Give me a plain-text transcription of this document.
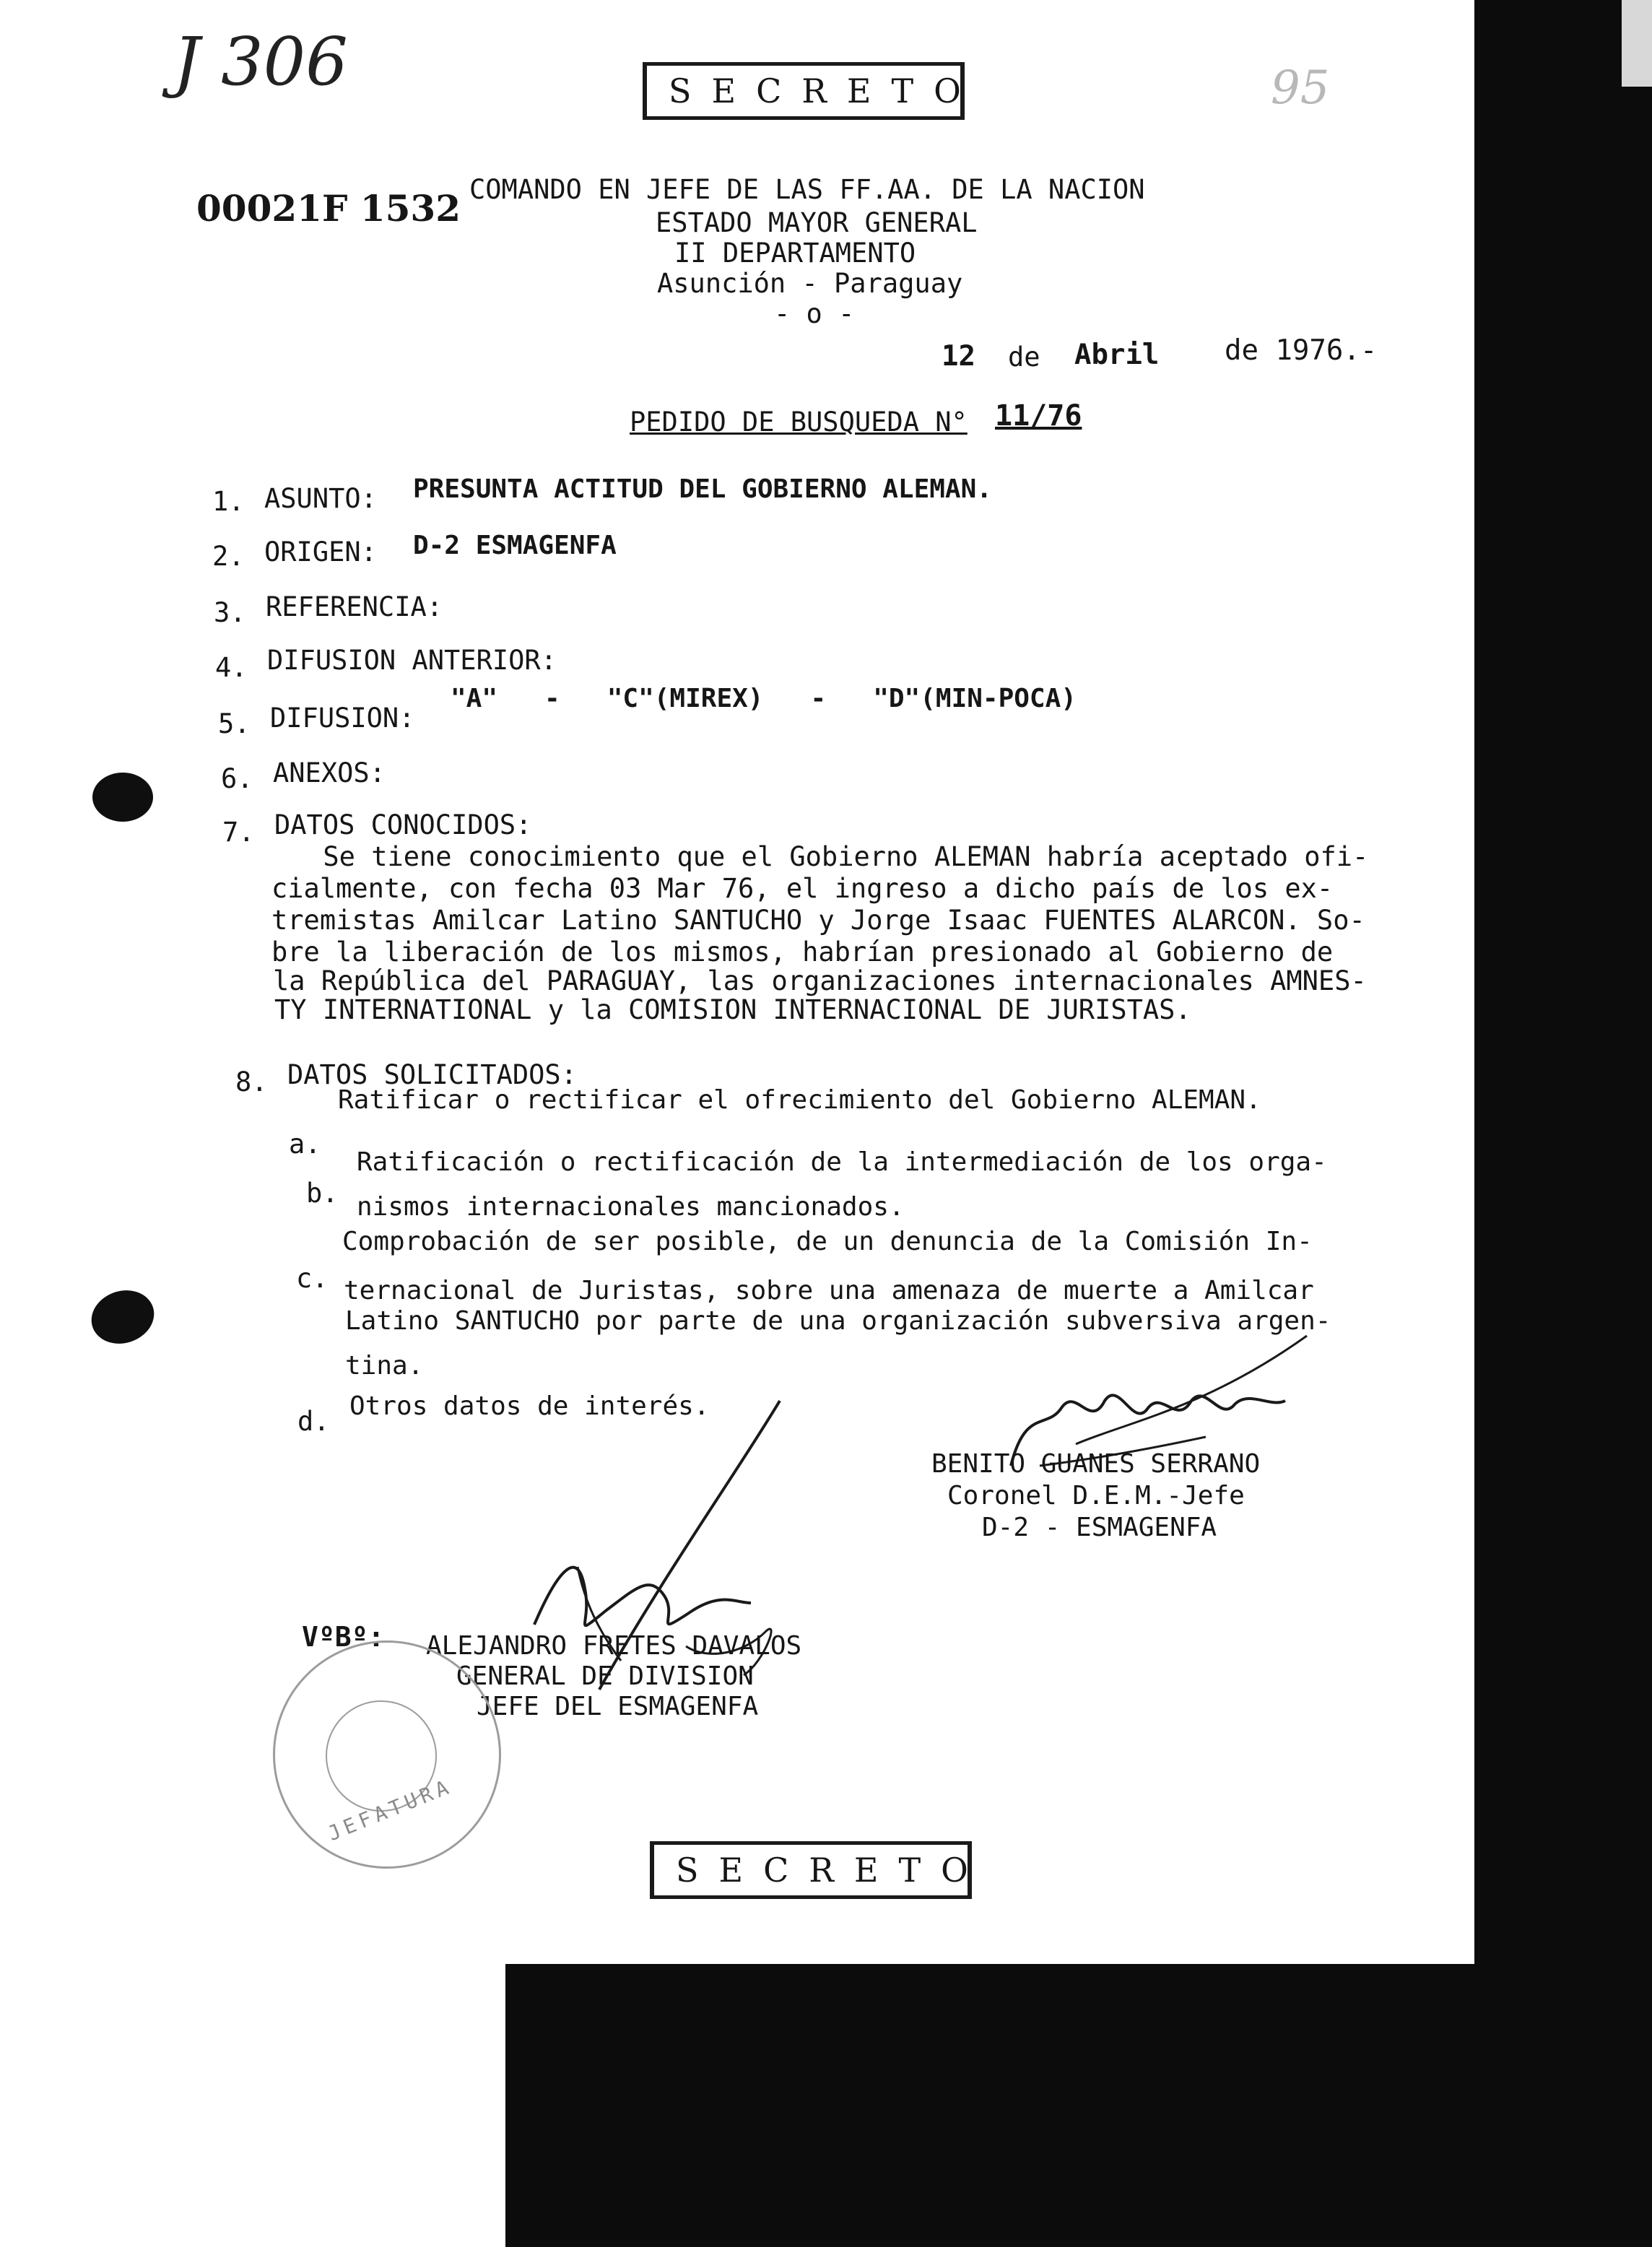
J 306	95
SECRETO
00021F 1532 COMANDO EN JEFE DE LAS FF.AA. DE LA NACION
ESTADO MAYOR GENERAL
II DEPARTAMENTO
Asunción - Paraguay
- o -
12 de Abril de 1976.-
PEDIDO DE BUSQUEDA N° 11/76
1. ASUNTO: PRESUNTA ACTITUD DEL GOBIERNO ALEMAN.
2. ORIGEN: D-2 ESMAGENFA
3. REFERENCIA:
4. DIFUSION ANTERIOR:
5. DIFUSION:
"A"   -   "C"(MIREX)   -   "D"(MIN-POCA)
6. ANEXOS:
7. DATOS CONOCIDOS:
Se tiene conocimiento que el Gobierno ALEMAN habría aceptado ofi-
cialmente, con fecha 03 Mar 76, el ingreso a dicho país de los ex-
tremistas Amilcar Latino SANTUCHO y Jorge Isaac FUENTES ALARCON. So-
bre la liberación de los mismos, habrían presionado al Gobierno de
la República del PARAGUAY, las organizaciones internacionales AMNES-
TY INTERNATIONAL y la COMISION INTERNACIONAL DE JURISTAS.
8. DATOS SOLICITADOS:
a.
Ratificar o rectificar el ofrecimiento del Gobierno ALEMAN.
b.
Ratificación o rectificación de la intermediación de los orga-
nismos internacionales mancionados.
c.
Comprobación de ser posible, de un denuncia de la Comisión In-
ternacional de Juristas, sobre una amenaza de muerte a Amilcar
Latino SANTUCHO por parte de una organización subversiva argen-
tina.
d. Otros datos de interés.
BENITO GUANES SERRANO
Coronel D.E.M.-Jefe
D-2 - ESMAGENFA
VºBº: ALEJANDRO FRETES DAVALOS
GENERAL DE DIVISION
JEFE DEL ESMAGENFA
JEFATURA
SECRETO
